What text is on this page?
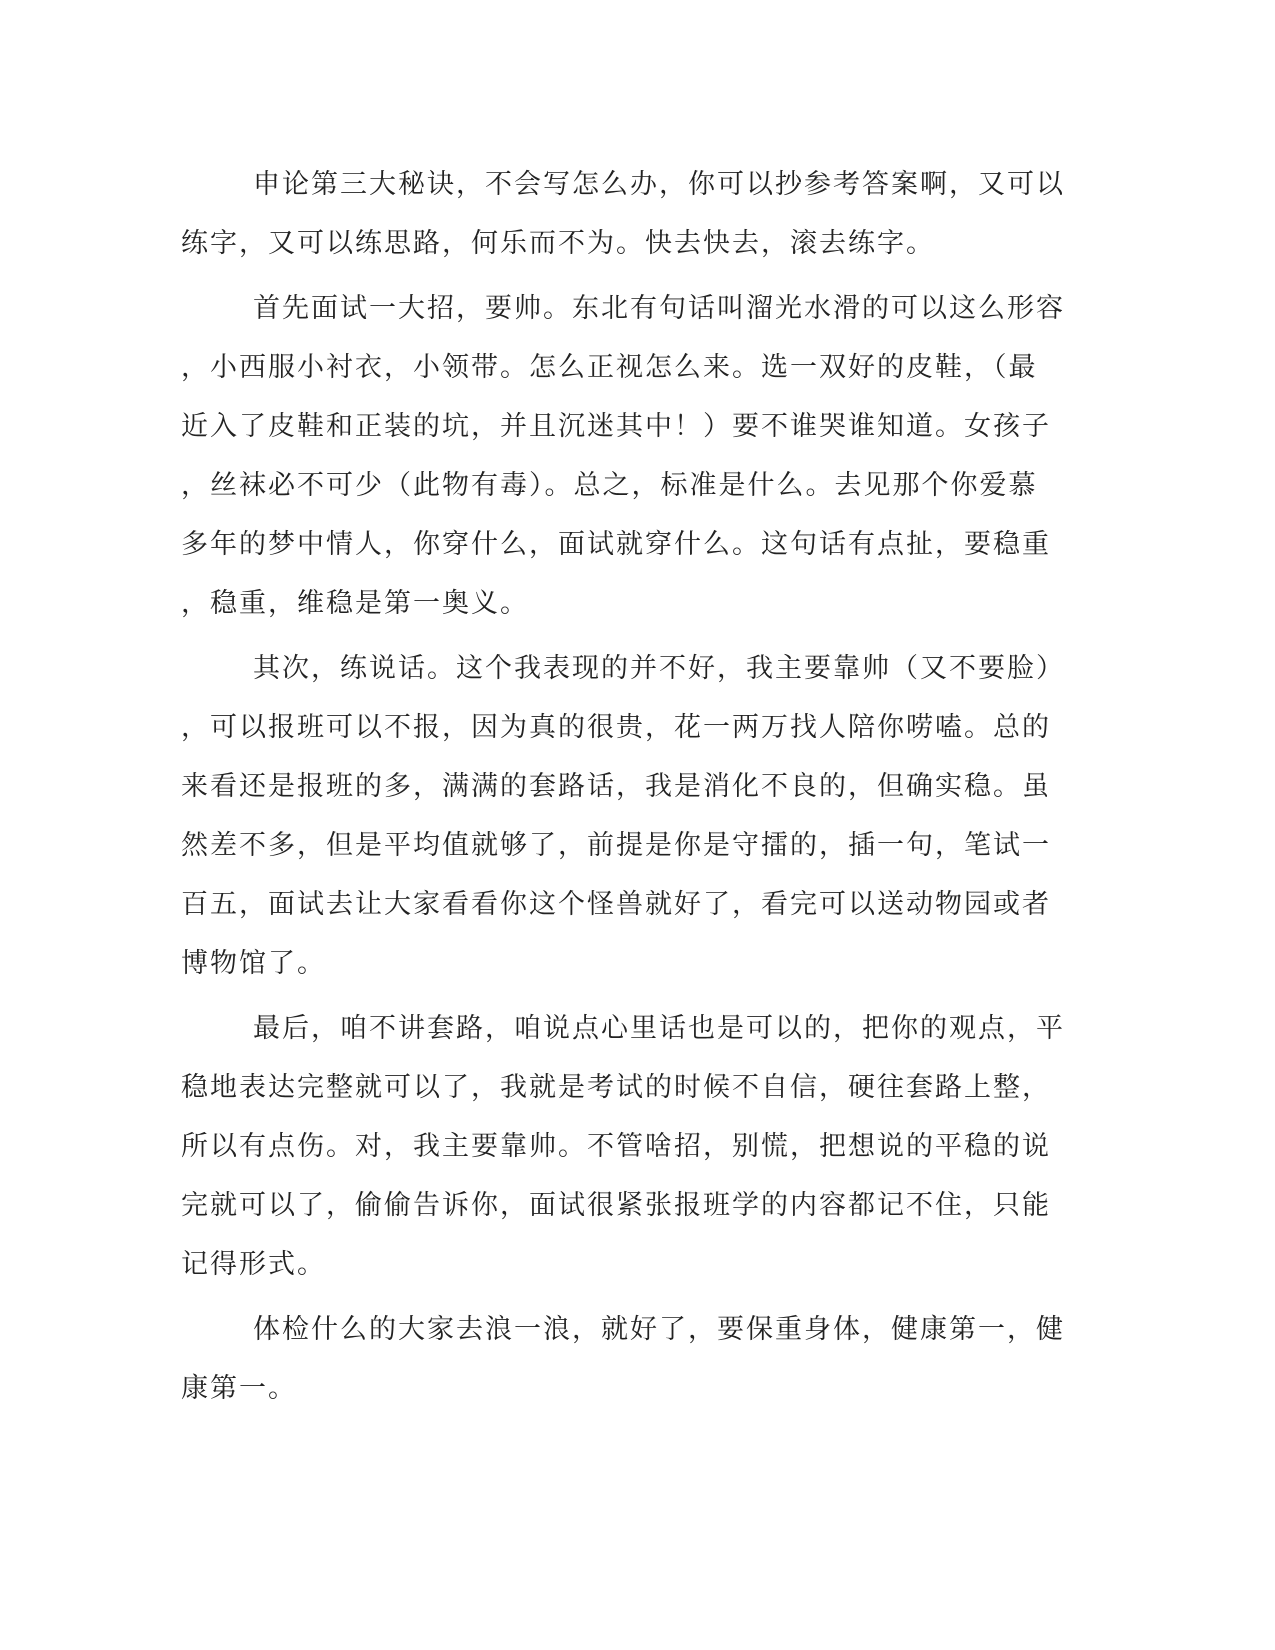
申论第三大秘诀，不会写怎么办，你可以抄参考答案啊，又可以
练字，又可以练思路，何乐而不为。快去快去，滚去练字。

首先面试一大招，要帅。东北有句话叫溜光水滑的可以这么形容
，小西服小衬衣，小领带。怎么正视怎么来。选一双好的皮鞋，（最
近入了皮鞋和正装的坑，并且沉迷其中！）要不谁哭谁知道。女孩子
，丝袜必不可少（此物有毒）。总之，标准是什么。去见那个你爱慕
多年的梦中情人，你穿什么，面试就穿什么。这句话有点扯，要稳重
，稳重，维稳是第一奥义。

其次，练说话。这个我表现的并不好，我主要靠帅（又不要脸）
，可以报班可以不报，因为真的很贵，花一两万找人陪你唠嗑。总的
来看还是报班的多，满满的套路话，我是消化不良的，但确实稳。虽
然差不多，但是平均值就够了，前提是你是守擂的，插一句，笔试一
百五，面试去让大家看看你这个怪兽就好了，看完可以送动物园或者
博物馆了。

最后，咱不讲套路，咱说点心里话也是可以的，把你的观点，平
稳地表达完整就可以了，我就是考试的时候不自信，硬往套路上整，
所以有点伤。对，我主要靠帅。不管啥招，别慌，把想说的平稳的说
完就可以了，偷偷告诉你，面试很紧张报班学的内容都记不住，只能
记得形式。

体检什么的大家去浪一浪，就好了，要保重身体，健康第一，健
康第一。
